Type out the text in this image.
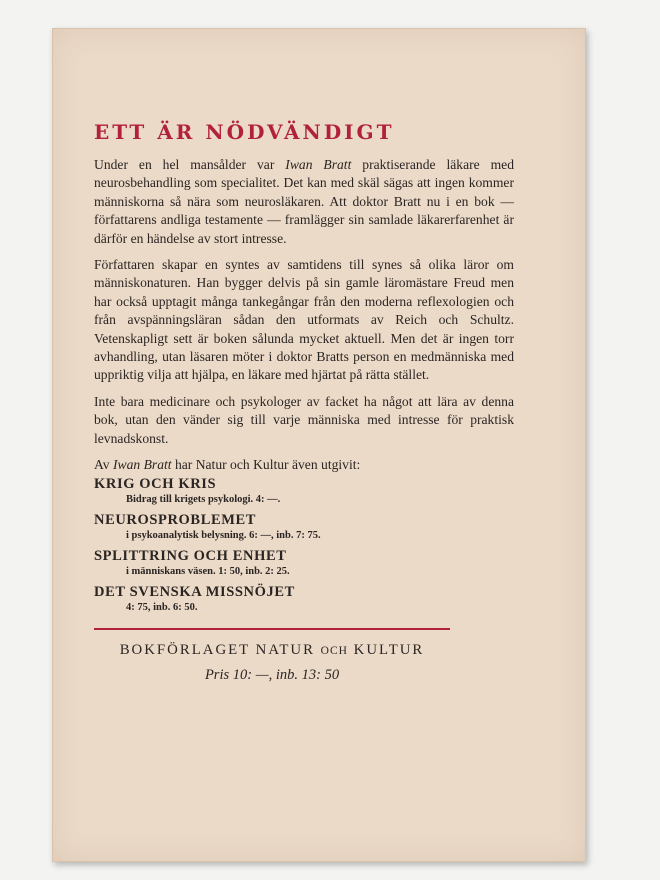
ETT ÄR NÖDVÄNDIGT

Under en hel mansålder var Iwan Bratt praktiserande läkare med neurosbehandling som specialitet. Det kan med skäl sägas att ingen kommer människorna så nära som neurosläkaren. Att doktor Bratt nu i en bok — författarens andliga testamente — framlägger sin samlade läkarerfarenhet är därför en händelse av stort intresse.

Författaren skapar en syntes av samtidens till synes så olika läror om människonaturen. Han bygger delvis på sin gamle läromästare Freud men har också upptagit många tankegångar från den moderna reflexologien och från avspänningsläran sådan den utformats av Reich och Schultz. Vetenskapligt sett är boken sålunda mycket aktuell. Men det är ingen torr avhandling, utan läsaren möter i doktor Bratts person en medmänniska med uppriktig vilja att hjälpa, en läkare med hjärtat på rätta stället.

Inte bara medicinare och psykologer av facket ha något att lära av denna bok, utan den vänder sig till varje människa med intresse för praktisk levnadskonst.

Av Iwan Bratt har Natur och Kultur även utgivit:
KRIG OCH KRIS
Bidrag till krigets psykologi. 4: —.
NEUROSPROBLEMET
i psykoanalytisk belysning. 6: —, inb. 7: 75.
SPLITTRING OCH ENHET
i människans väsen. 1: 50, inb. 2: 25.
DET SVENSKA MISSNÖJET
4: 75, inb. 6: 50.
BOKFÖRLAGET NATUR OCH KULTUR
Pris 10: —, inb. 13: 50
